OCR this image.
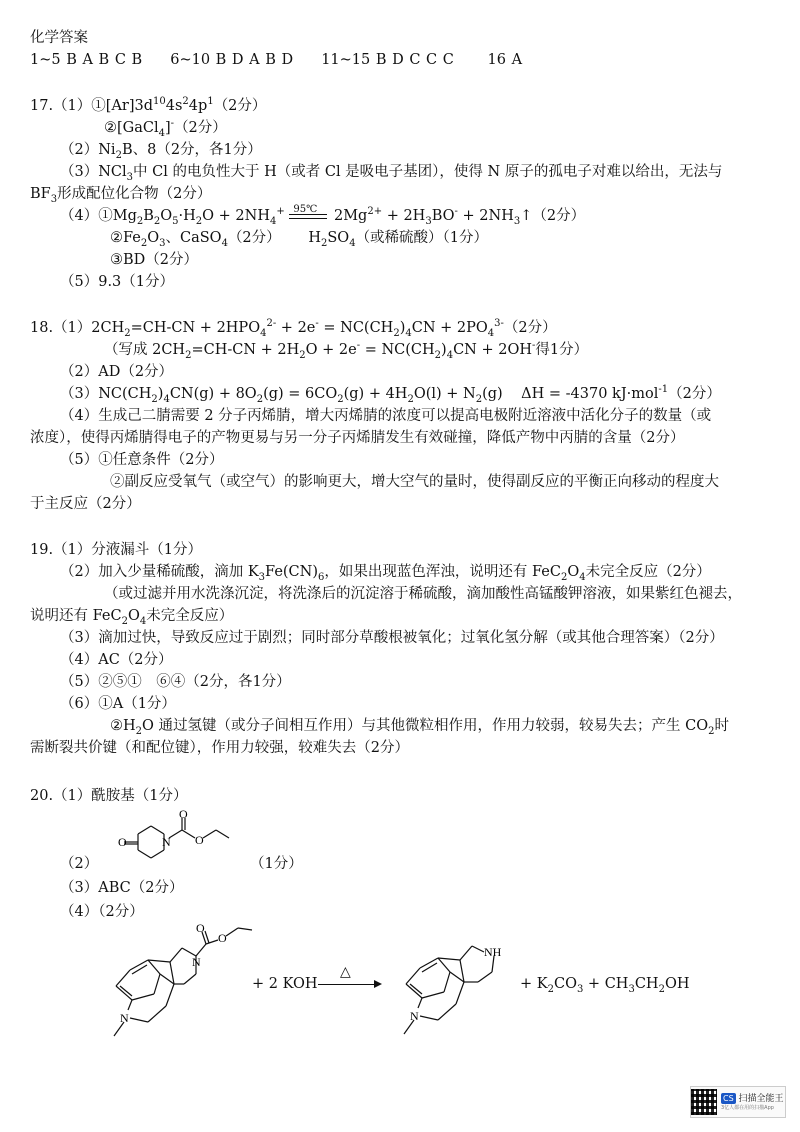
化学答案
1~5 B A B C B 6~10 B D A B D 11~15 B D C C C 16 A
$17.(1)①[Ar]3d^{10}4s^24p^1(2$分）
②[GaCl$_4$]-（2分）
$(2)Ni_2B$、8（2分，各1分）
（3）NCl$_3$中 Cl 的电负性大于 H（或者 Cl 是吸电子基团），使得 N 原子的孤电子对难以给出，无法与
$BF_3$形成配位化合物（2分）
$(4)①Mg_2B_2O_5\cdot H_2O + 2NH_4^+$ 95℃ $2Mg^{2+} + 2H_3BO^-$ + $2NH_3↑(2$分）
$②Fe_2O_3$、CaSO$_4$（2分） $H_2SO_4$（或稀硫酸）（1分）
③BD（2分）
（5）9.3（1分）
$18.(1)2CH_2=CH-CN + 2HPO_4^{2-} + 2e^- = NC(CH_2)_4CN + 2PO_4^{3-}(2$分）
（写成 $2CH_2=CH-CN + 2H_2O + 2e^- = NC(CH_2)_4CN + 2OH^-$得1分）
（2）AD（2分）
$(3)NC(CH_2)_4CN(g) + 8O_2(g) = 6CO_2(g) + 4H_2O(l) + N_2(g) \Delta H = -4370$ kJ·mol$^{-1}$（2分）
（4）生成己二腈需要 2 分子丙烯腈，增大丙烯腈的浓度可以提高电极附近溶液中活化分子的数量（或
浓度），使得丙烯腈得电子的产物更易与另一分子丙烯腈发生有效碰撞，降低产物中丙腈的含量（2分）
（5）①任意条件（2分）
②副反应受氧气（或空气）的影响更大，增大空气的量时，使得副反应的平衡正向移动的程度大
于主反应（2分）
19.（1）分液漏斗（1分）
（2）加入少量稀硫酸，滴加 $K_3Fe(CN)_6$，如果出现蓝色浑浊，说明还有 $FeC_2O_4$未完全反应（2分）
（或过滤并用水洗涤沉淀，将洗涤后的沉淀溶于稀硫酸，滴加酸性高锰酸钾溶液，如果紫红色褪去，
说明还有 $FeC_2O_4$未完全反应）
（3）滴加过快，导致反应过于剧烈；同时部分草酸根被氧化；过氧化氢分解（或其他合理答案）（2分）
（4）AC（2分）
（5）②⑤①　⑥④（2分，各1分）
（6）①A（1分）
$②H_2O$ 通过氢键（或分子间相互作用）与其他微粒相作用，作用力较弱，较易失去；产生 $CO_2$时
需断裂共价键（和配位键），作用力较强，较难失去（2分）
20.（1）酰胺基（1分）
O	N
O
O
（2）	（1分）
（3）ABC（2分）
（4）（2分）
N
O
O
N
+ 2 KOH
△
NH
N
+ $K_2CO_3 + CH_3CH_2OH$
CS 扫描全能王
3亿人都在用的扫描App
